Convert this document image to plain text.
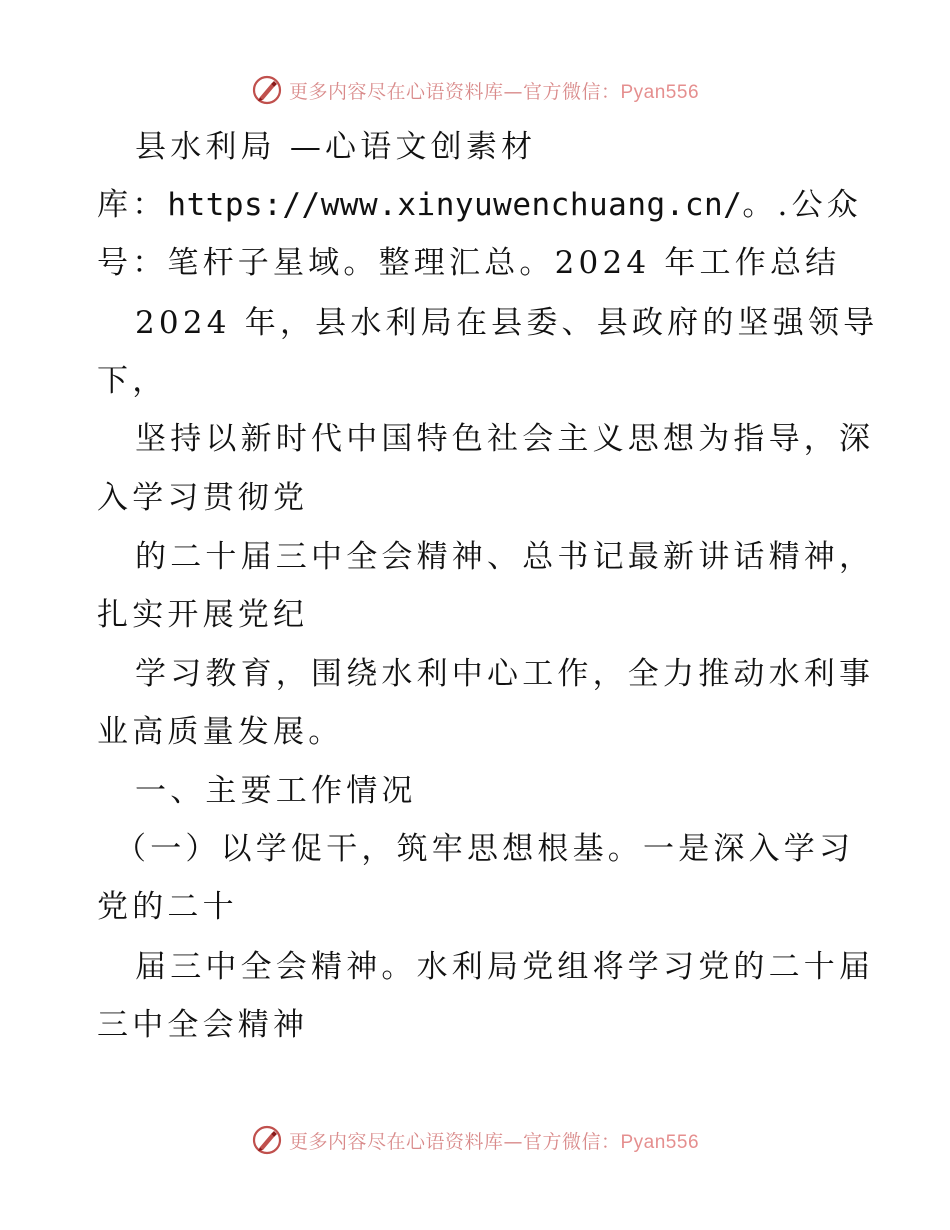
更多内容尽在心语资料库—官方微信：Pyan556
县水利局 —心语文创素材
库：https://www.xinyuwenchuang.cn/。.公众
号：笔杆子星域。整理汇总。2024 年工作总结
2024 年，县水利局在县委、县政府的坚强领导
下，
坚持以新时代中国特色社会主义思想为指导，深
入学习贯彻党
的二十届三中全会精神、总书记最新讲话精神，
扎实开展党纪
学习教育，围绕水利中心工作，全力推动水利事
业高质量发展。
一、主要工作情况
（一）以学促干，筑牢思想根基。一是深入学习
党的二十
届三中全会精神。水利局党组将学习党的二十届
三中全会精神
更多内容尽在心语资料库—官方微信：Pyan556
